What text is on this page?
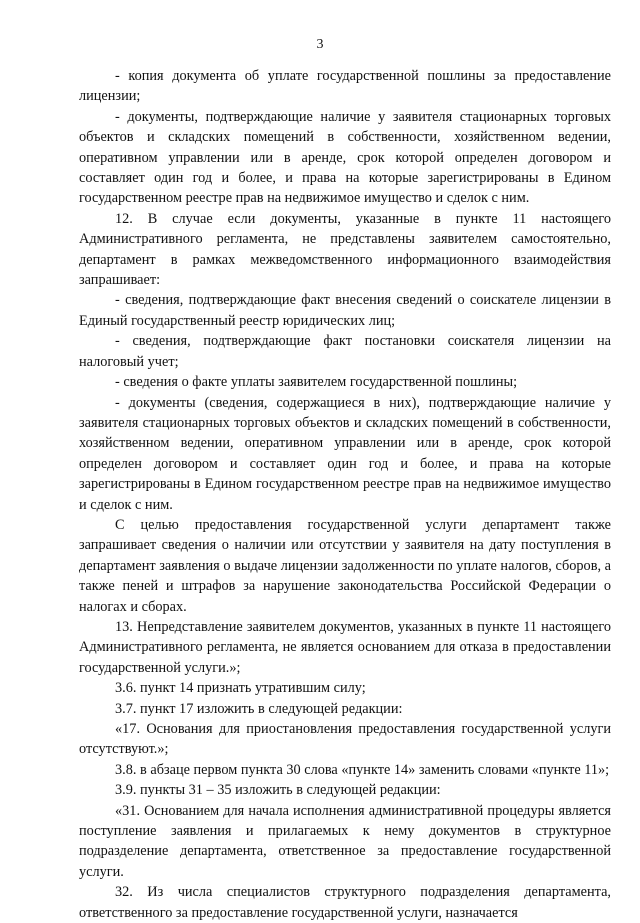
3

- копия документа об уплате государственной пошлины за предоставление лицензии;

- документы, подтверждающие наличие у заявителя стационарных торговых объектов и складских помещений в собственности, хозяйственном ведении, оперативном управлении или в аренде, срок которой определен договором и составляет один год и более, и права на которые зарегистрированы в Едином государственном реестре прав на недвижимое имущество и сделок с ним.

12. В случае если документы, указанные в пункте 11 настоящего Административного регламента, не представлены заявителем самостоятельно, департамент в рамках межведомственного информационного взаимодействия запрашивает:

- сведения, подтверждающие факт внесения сведений о соискателе лицензии в Единый государственный реестр юридических лиц;

- сведения, подтверждающие факт постановки соискателя лицензии на налоговый учет;

- сведения о факте уплаты заявителем государственной пошлины;

- документы (сведения, содержащиеся в них), подтверждающие наличие у заявителя стационарных торговых объектов и складских помещений в собственности, хозяйственном ведении, оперативном управлении или в аренде, срок которой определен договором и составляет один год и более, и права на которые зарегистрированы в Едином государственном реестре прав на недвижимое имущество и сделок с ним.

С целью предоставления государственной услуги департамент также запрашивает сведения о наличии или отсутствии у заявителя на дату поступления в департамент заявления о выдаче лицензии задолженности по уплате налогов, сборов, а также пеней и штрафов за нарушение законодательства Российской Федерации о налогах и сборах.

13. Непредставление заявителем документов, указанных в пункте 11 настоящего Административного регламента, не является основанием для отказа в предоставлении государственной услуги.»;

3.6. пункт 14 признать утратившим силу;

3.7. пункт 17 изложить в следующей редакции:

«17. Основания для приостановления предоставления государственной услуги отсутствуют.»;

3.8. в абзаце первом пункта 30 слова «пункте 14» заменить словами «пункте 11»;

3.9. пункты 31 – 35 изложить в следующей редакции:

«31. Основанием для начала исполнения административной процедуры является поступление заявления и прилагаемых к нему документов в структурное подразделение департамента, ответственное за предоставление государственной услуги.

32. Из числа специалистов структурного подразделения департамента, ответственного за предоставление государственной услуги, назначается
